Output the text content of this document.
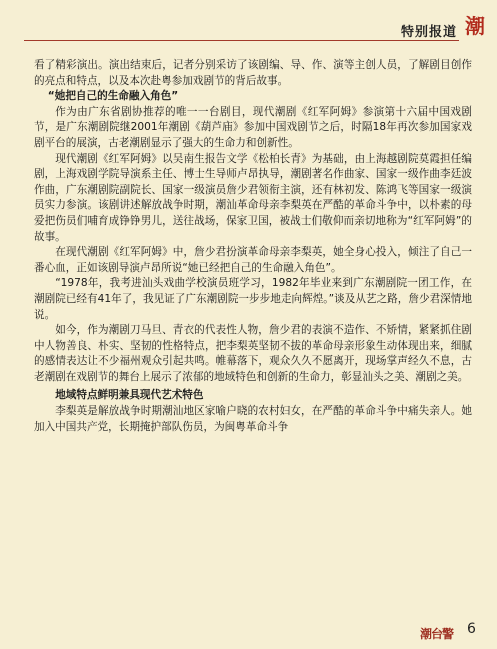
特别报道 潮

看了精彩演出。演出结束后，记者分别采访了该剧编、导、作、演等主创人员，了解剧目创作的亮点和特点，以及本次赴粤参加戏剧节的背后故事。

“她把自己的生命融入角色”

作为由广东省剧协推荐的唯一一台剧目，现代潮剧《红军阿姆》参演第十六届中国戏剧节，是广东潮剧院继2001年潮剧《葫芦庙》参加中国戏剧节之后，时隔18年再次参加国家戏剧平台的展演，古老潮剧显示了强大的生命力和创新性。

现代潮剧《红军阿姆》以吴南生报告文学《松柏长青》为基础，由上海越剧院莫霞担任编剧，上海戏剧学院导演系主任、博士生导师卢昂执导，潮剧著名作曲家、国家一级作曲李廷波作曲，广东潮剧院副院长、国家一级演员詹少君领衔主演，还有林初发、陈鸿飞等国家一级演员实力参演。该剧讲述解放战争时期，潮汕革命母亲李梨英在严酷的革命斗争中，以朴素的母爱把伤员们哺育成铮铮男儿，送往战场，保家卫国，被战士们敬仰而亲切地称为“红军阿姆”的故事。

在现代潮剧《红军阿姆》中，詹少君扮演革命母亲李梨英，她全身心投入，倾注了自己一番心血，正如该剧导演卢昂所说“她已经把自己的生命融入角色”。

“1978年，我考进汕头戏曲学校演员班学习，1982年毕业来到广东潮剧院一团工作，在潮剧院已经有41年了，我见证了广东潮剧院一步步地走向辉煌。”谈及从艺之路，詹少君深情地说。

如今，作为潮剧刀马旦、青衣的代表性人物，詹少君的表演不造作、不矫情，紧紧抓住剧中人物善良、朴实、坚韧的性格特点，把李梨英坚韧不拔的革命母亲形象生动体现出来，细腻的感情表达让不少福州观众引起共鸣。帷幕落下，观众久久不愿离开，现场掌声经久不息，古老潮剧在戏剧节的舞台上展示了浓郁的地域特色和创新的生命力，彰显汕头之美、潮剧之美。

地域特点鲜明兼具现代艺术特色

李梨英是解放战争时期潮汕地区家喻户晓的农村妇女，在严酷的革命斗争中痛失亲人。她加入中国共产党，长期掩护部队伤员，为闽粤革命斗争

潮台警 6
